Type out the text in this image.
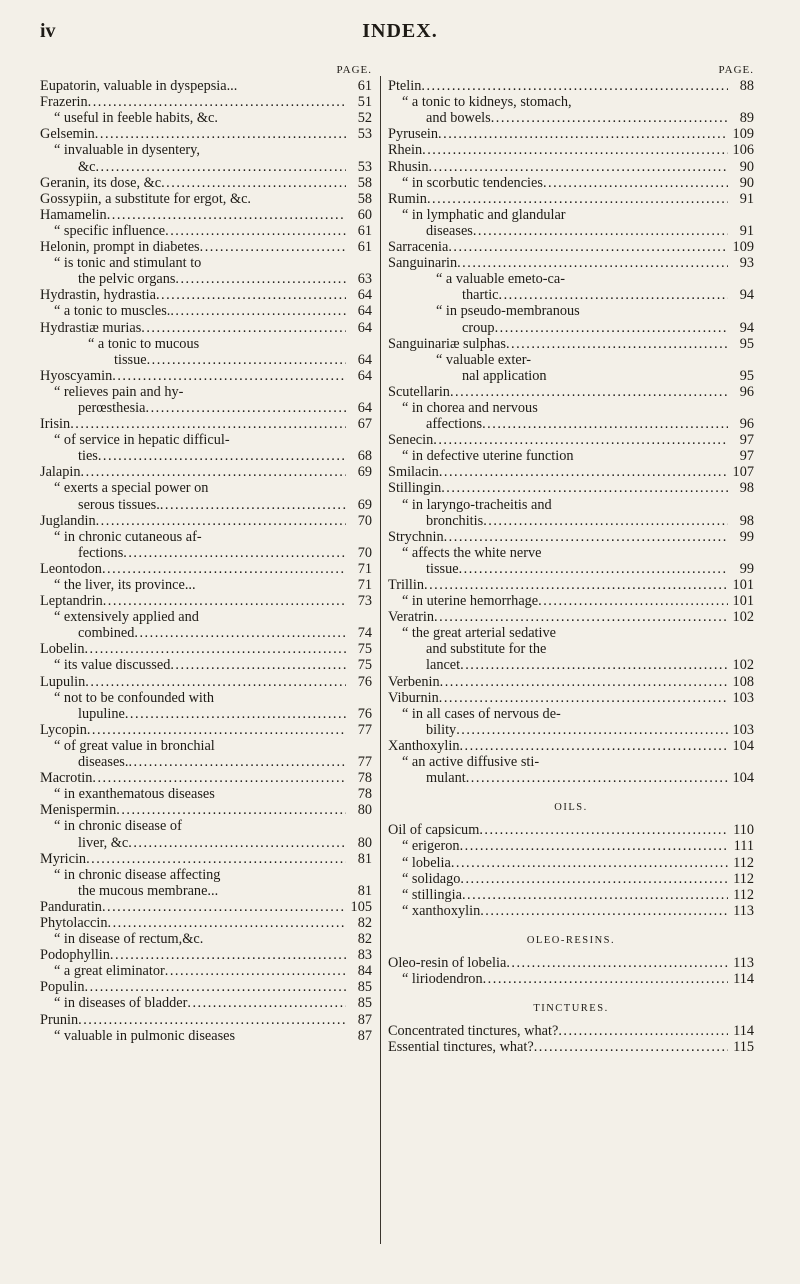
iv	INDEX.
PAGE.
Eupatorin, valuable in dyspepsia...	61
Frazerin .....	51
“ useful in feeble habits, &c.	52
Gelsemin .....	53
“ invaluable in dysentery,
&c .....	53
Geranin, its dose, &c .....	58
Gossypiin, a substitute for ergot, &c.	58
Hamamelin .....	60
“ specific influence .....	61
Helonin, prompt in diabetes .....	61
“ is tonic and stimulant to
the pelvic organs .....	63
Hydrastin, hydrastia .....	64
“ a tonic to muscles. .....	64
Hydrastiæ murias .....	64
“ a tonic to mucous
tissue .....	64
Hyoscyamin .....	64
“ relieves pain and hy-
perœsthesia .....	64
Irisin .....	67
“ of service in hepatic difficul-
ties .....	68
Jalapin .....	69
“ exerts a special power on
serous tissues. .....	69
Juglandin .....	70
“ in chronic cutaneous af-
fections .....	70
Leontodon .....	71
“ the liver, its province...	71
Leptandrin .....	73
“ extensively applied and
combined .....	74
Lobelin .....	75
“ its value discussed .....	75
Lupulin .....	76
“ not to be confounded with
lupuline .....	76
Lycopin .....	77
“ of great value in bronchial
diseases. .....	77
Macrotin .....	78
“ in exanthematous diseases	78
Menispermin .....	80
“ in chronic disease of
liver, &c .....	80
Myricin .....	81
“ in chronic disease affecting
the mucous membrane...	81
Panduratin .....	105
Phytolaccin .....	82
“ in disease of rectum,&c.	82
Podophyllin .....	83
“ a great eliminator .....	84
Populin .....	85
“ in diseases of bladder .....	85
Prunin .....	87
“ valuable in pulmonic diseases	87
PAGE.
Ptelin .....	88
“ a tonic to kidneys, stomach,
and bowels .....	89
Pyrusein .....	109
Rhein .....	106
Rhusin .....	90
“ in scorbutic tendencies .....	90
Rumin .....	91
“ in lymphatic and glandular
diseases .....	91
Sarracenia .....	109
Sanguinarin .....	93
“ a valuable emeto-ca-
thartic .....	94
“ in pseudo-membranous
croup .....	94
Sanguinariæ sulphas .....	95
“ valuable exter-
nal application	95
Scutellarin .....	96
“ in chorea and nervous
affections .....	96
Senecin .....	97
“ in defective uterine function	97
Smilacin .....	107
Stillingin .....	98
“ in laryngo-tracheitis and
bronchitis .....	98
Strychnin .....	99
“ affects the white nerve
tissue .....	99
Trillin .....	101
“ in uterine hemorrhage .....	101
Veratrin .....	102
“ the great arterial sedative
and substitute for the
lancet .....	102
Verbenin .....	108
Viburnin .....	103
“ in all cases of nervous de-
bility .....	103
Xanthoxylin .....	104
“ an active diffusive sti-
mulant .....	104
OILS.
Oil of capsicum .....	110
“ erigeron .....	111
“ lobelia .....	112
“ solidago .....	112
“ stillingia .....	112
“ xanthoxylin .....	113
OLEO-RESINS.
Oleo-resin of lobelia .....	113
“ liriodendron .....	114
TINCTURES.
Concentrated tinctures, what? .....	114
Essential tinctures, what? .....	115
